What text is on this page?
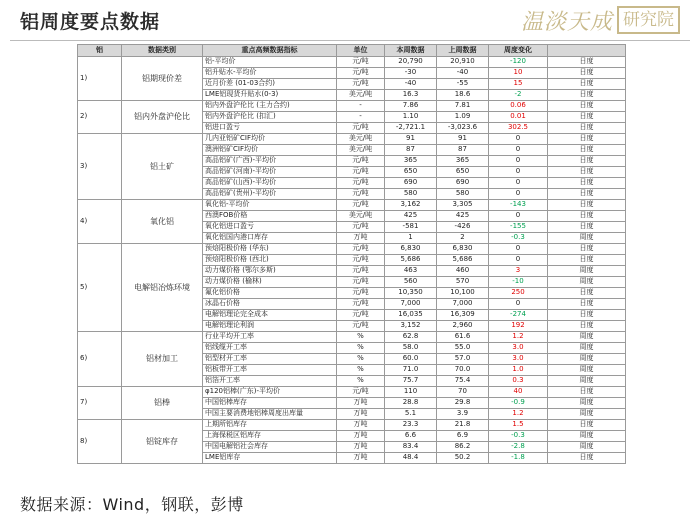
铝周度要点数据	温淡天成 研究院
铝	数据类别	重点高频数据指标	单位	本周数据	上周数据	周度变化	
1)	铝期现价差	铝-平均价	元/吨	20,790	20,910	-120	日度
		铝升贴水-平均价	元/吨	-30	-40	10	日度
		近月价差 (01-03合约)	元/吨	-40	-55	15	日度
		LME铝现货升贴水(0-3)	美元/吨	16.3	18.6	-2	日度
2)	铝内外盘沪伦比	铝内外盘沪伦比 (主力合约)	-	7.86	7.81	0.06	日度
		铝内外盘沪伦比 (扣汇)	-	1.10	1.09	0.01	日度
		铝进口盈亏	元/吨	-2,721.1	-3,023.6	302.5	日度
3)	铝土矿	几内亚铝矿CIF均价	美元/吨	91	91	0	日度
		澳洲铝矿CIF均价	美元/吨	87	87	0	日度
		高品铝矿(广西)-平均价	元/吨	365	365	0	日度
		高品铝矿(河南)-平均价	元/吨	650	650	0	日度
		高品铝矿(山西)-平均价	元/吨	690	690	0	日度
		高品铝矿(贵州)-平均价	元/吨	580	580	0	日度
4)	氧化铝	氧化铝-平均价	元/吨	3,162	3,305	-143	日度
		西澳FOB价格	美元/吨	425	425	0	日度
		氧化铝进口盈亏	元/吨	-581	-426	-155	日度
		氧化铝国内港口库存	万吨	1	2	-0.3	周度
5)	电解铝冶炼环境	预焙阳极价格 (华东)	元/吨	6,830	6,830	0	日度
		预焙阳极价格 (西北)	元/吨	5,686	5,686	0	日度
		动力煤价格 (鄂尔多斯)	元/吨	463	460	3	周度
		动力煤价格 (榆林)	元/吨	560	570	-10	周度
		氟化铝价格	元/吨	10,350	10,100	250	日度
		冰晶石价格	元/吨	7,000	7,000	0	日度
		电解铝理论完全成本	元/吨	16,035	16,309	-274	日度
		电解铝理论利润	元/吨	3,152	2,960	192	日度
6)	铝材加工	行业平均开工率	%	62.8	61.6	1.2	周度
		铝线缆开工率	%	58.0	55.0	3.0	周度
		铝型材开工率	%	60.0	57.0	3.0	周度
		铝板带开工率	%	71.0	70.0	1.0	周度
		铝箔开工率	%	75.7	75.4	0.3	周度
7)	铝棒	φ120铝棒(广东)-平均价	元/吨	110	70	40	日度
		中国铝棒库存	万吨	28.8	29.8	-0.9	周度
		中国主要消费地铝棒周度出库量	万吨	5.1	3.9	1.2	周度
8)	铝锭库存	上期所铝库存	万吨	23.3	21.8	1.5	日度
		上海保税区铝库存	万吨	6.6	6.9	-0.3	周度
		中国电解铝社会库存	万吨	83.4	86.2	-2.8	周度
		LME铝库存	万吨	48.4	50.2	-1.8	日度
数据来源：Wind，钢联，彭博
